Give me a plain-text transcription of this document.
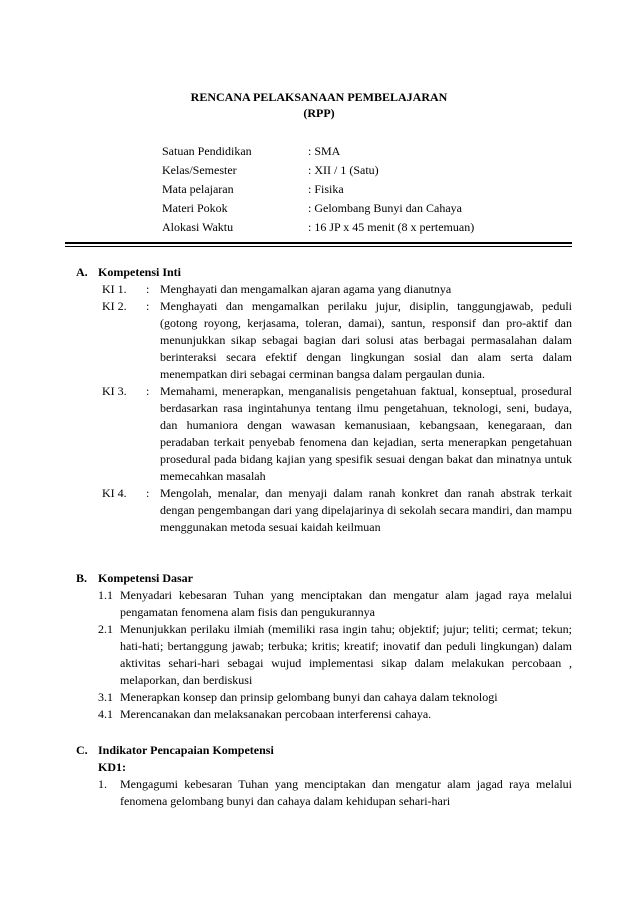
RENCANA PELAKSANAAN PEMBELAJARAN
(RPP)
Satuan Pendidikan	: SMA
Kelas/Semester	: XII / 1 (Satu)
Mata pelajaran	: Fisika
Materi Pokok	: Gelombang Bunyi dan Cahaya
Alokasi Waktu	: 16 JP x 45 menit (8 x pertemuan)
A. Kompetensi Inti
KI 1.	: Menghayati dan mengamalkan ajaran agama yang dianutnya
KI 2.	: Menghayati dan mengamalkan perilaku jujur, disiplin, tanggungjawab, peduli (gotong royong, kerjasama, toleran, damai), santun, responsif dan pro-aktif dan menunjukkan sikap sebagai bagian dari solusi atas berbagai permasalahan dalam berinteraksi secara efektif dengan lingkungan sosial dan alam serta dalam menempatkan diri sebagai cerminan bangsa dalam pergaulan dunia.
KI 3.	: Memahami, menerapkan, menganalisis pengetahuan faktual, konseptual, prosedural berdasarkan rasa ingintahunya tentang ilmu pengetahuan, teknologi, seni, budaya, dan humaniora dengan wawasan kemanusiaan, kebangsaan, kenegaraan, dan peradaban terkait penyebab fenomena dan kejadian, serta menerapkan pengetahuan prosedural pada bidang kajian yang spesifik sesuai dengan bakat dan minatnya untuk memecahkan masalah
KI 4.	: Mengolah, menalar, dan menyaji dalam ranah konkret dan ranah abstrak terkait dengan pengembangan dari yang dipelajarinya di sekolah secara mandiri, dan mampu menggunakan metoda sesuai kaidah keilmuan
B. Kompetensi Dasar
1.1 Menyadari kebesaran Tuhan yang menciptakan dan mengatur alam jagad raya melalui pengamatan fenomena alam fisis dan pengukurannya
2.1 Menunjukkan perilaku ilmiah (memiliki rasa ingin tahu; objektif; jujur; teliti; cermat; tekun; hati-hati; bertanggung jawab; terbuka; kritis; kreatif; inovatif dan peduli lingkungan) dalam aktivitas sehari-hari sebagai wujud implementasi sikap dalam melakukan percobaan , melaporkan, dan berdiskusi
3.1 Menerapkan konsep dan prinsip gelombang bunyi dan cahaya dalam teknologi
4.1 Merencanakan dan melaksanakan percobaan interferensi cahaya.
C. Indikator Pencapaian Kompetensi
KD1:
1.	Mengagumi kebesaran Tuhan yang menciptakan dan mengatur alam jagad raya melalui fenomena gelombang bunyi dan cahaya dalam kehidupan sehari-hari
